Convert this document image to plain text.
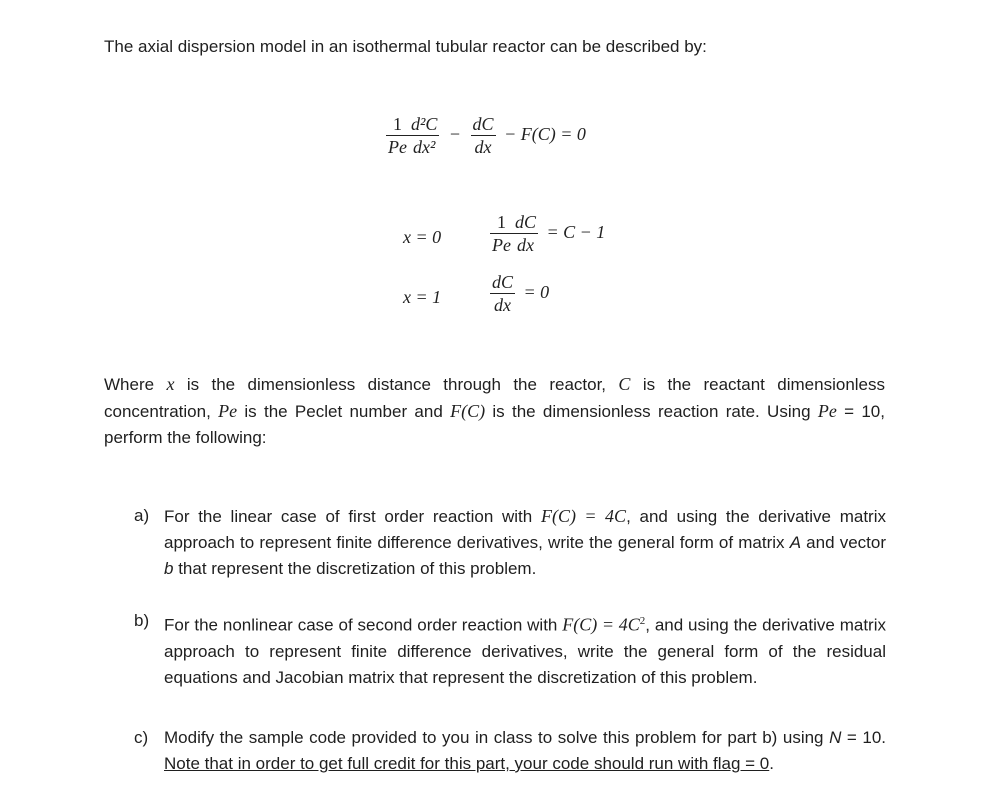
The axial dispersion model in an isothermal tubular reactor can be described by:
$\frac{1}{Pe} \frac{\text{d²C}}{\text{dx²}} - \frac{dC}{dx} - F(C) = 0$
x = 0	$\frac{1}{Pe} \frac{dC}{dx} = C - 1$
x = 1	$\frac{dC}{dx} = 0$
Where x is the dimensionless distance through the reactor, C is the reactant dimensionless concentration, Pe is the Peclet number and F(C) is the dimensionless reaction rate. Using Pe = 10, perform the following:
a) For the linear case of first order reaction with F(C) = 4C, and using the derivative matrix approach to represent finite difference derivatives, write the general form of matrix A and vector b that represent the discretization of this problem.
b) For the nonlinear case of second order reaction with $F(C) = 4C^2$, and using the derivative matrix approach to represent finite difference derivatives, write the general form of the residual equations and Jacobian matrix that represent the discretization of this problem.
c) Modify the sample code provided to you in class to solve this problem for part b) using N = 10. Note that in order to get full credit for this part, your code should run with flag = 0.
